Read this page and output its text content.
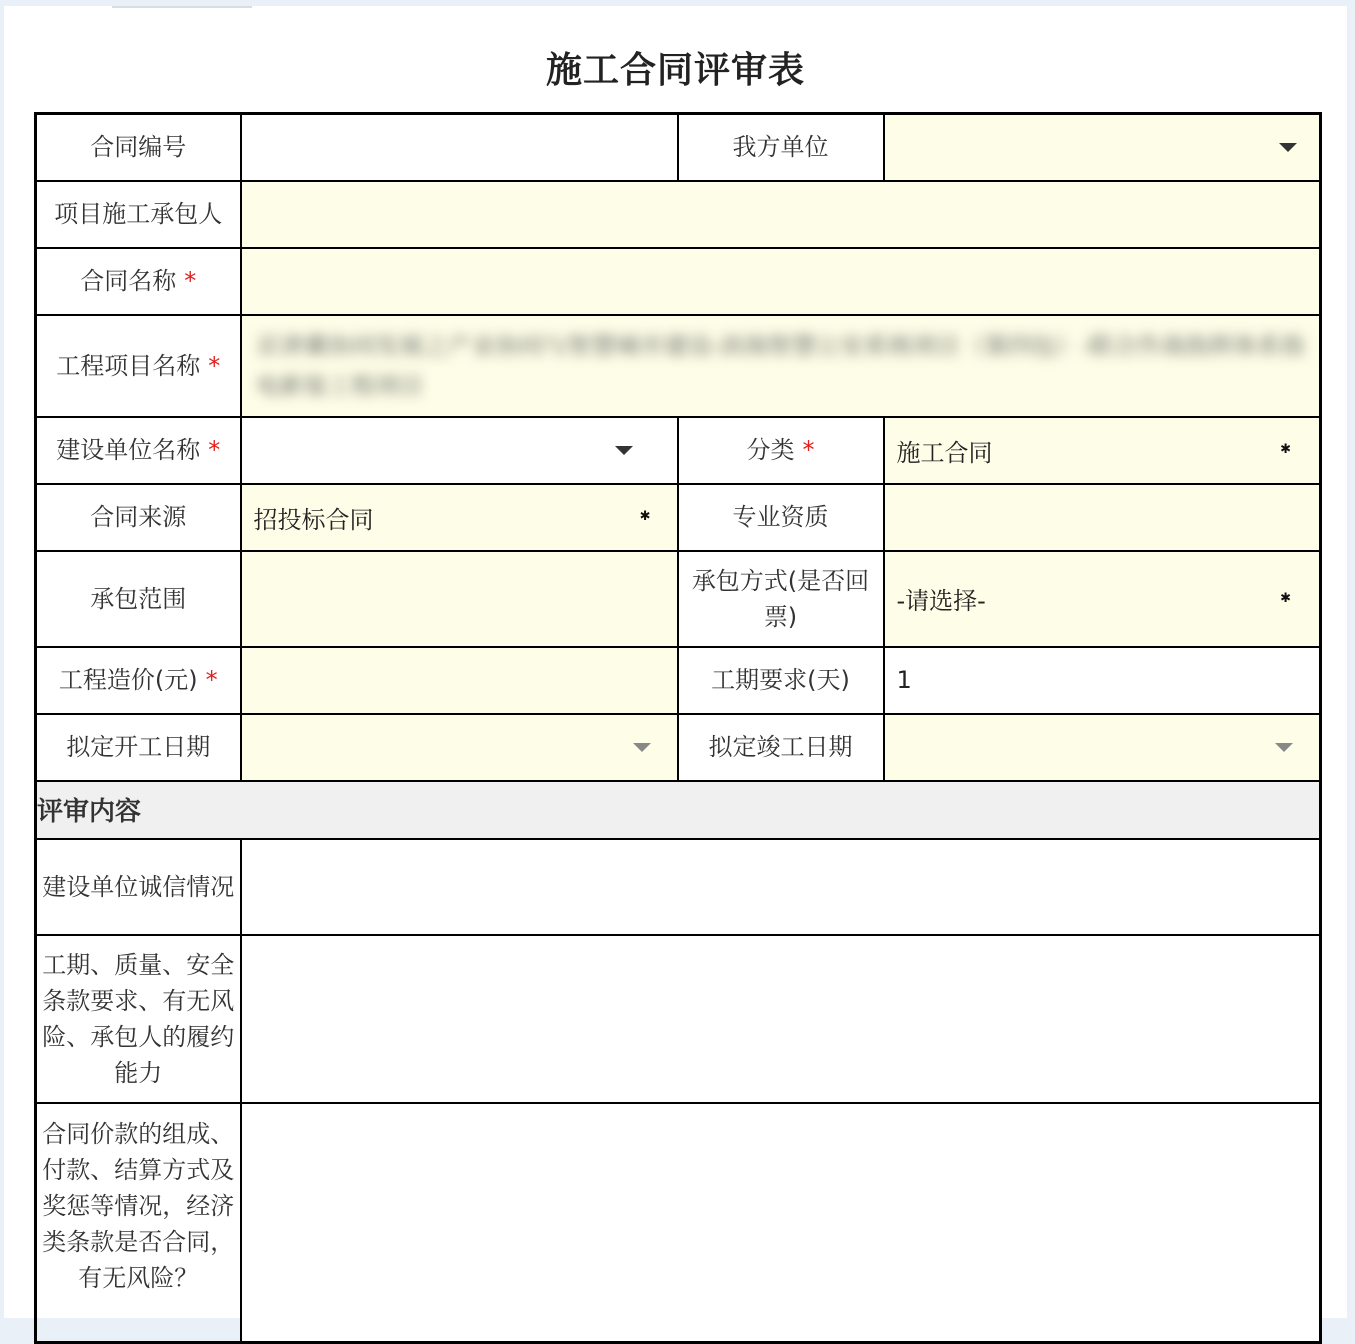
施工合同评审表
合同编号		我方单位	

项目施工承包人			
合同名称 *			
工程项目名称 *	京津冀协同发展之产业协同与智慧城市建设-滨海智慧公安系统项目（第四包）-联合作战指挥体系指电新装工程项目		

建设单位名称 *		分类 *	施工合同 ✱

合同来源	招投标合同 ✱	专业资质	
承包范围		承包方式(是否回票)	-请选择- ✱

工程造价(元) *		工期要求(天)	1
拟定开工日期		拟定竣工日期	

评审内容			
建设单位诚信情况			
工期、质量、安全条款要求、有无风险、承包人的履约能力			
合同价款的组成、付款、结算方式及奖惩等情况，经济类条款是否合同，有无风险？			
